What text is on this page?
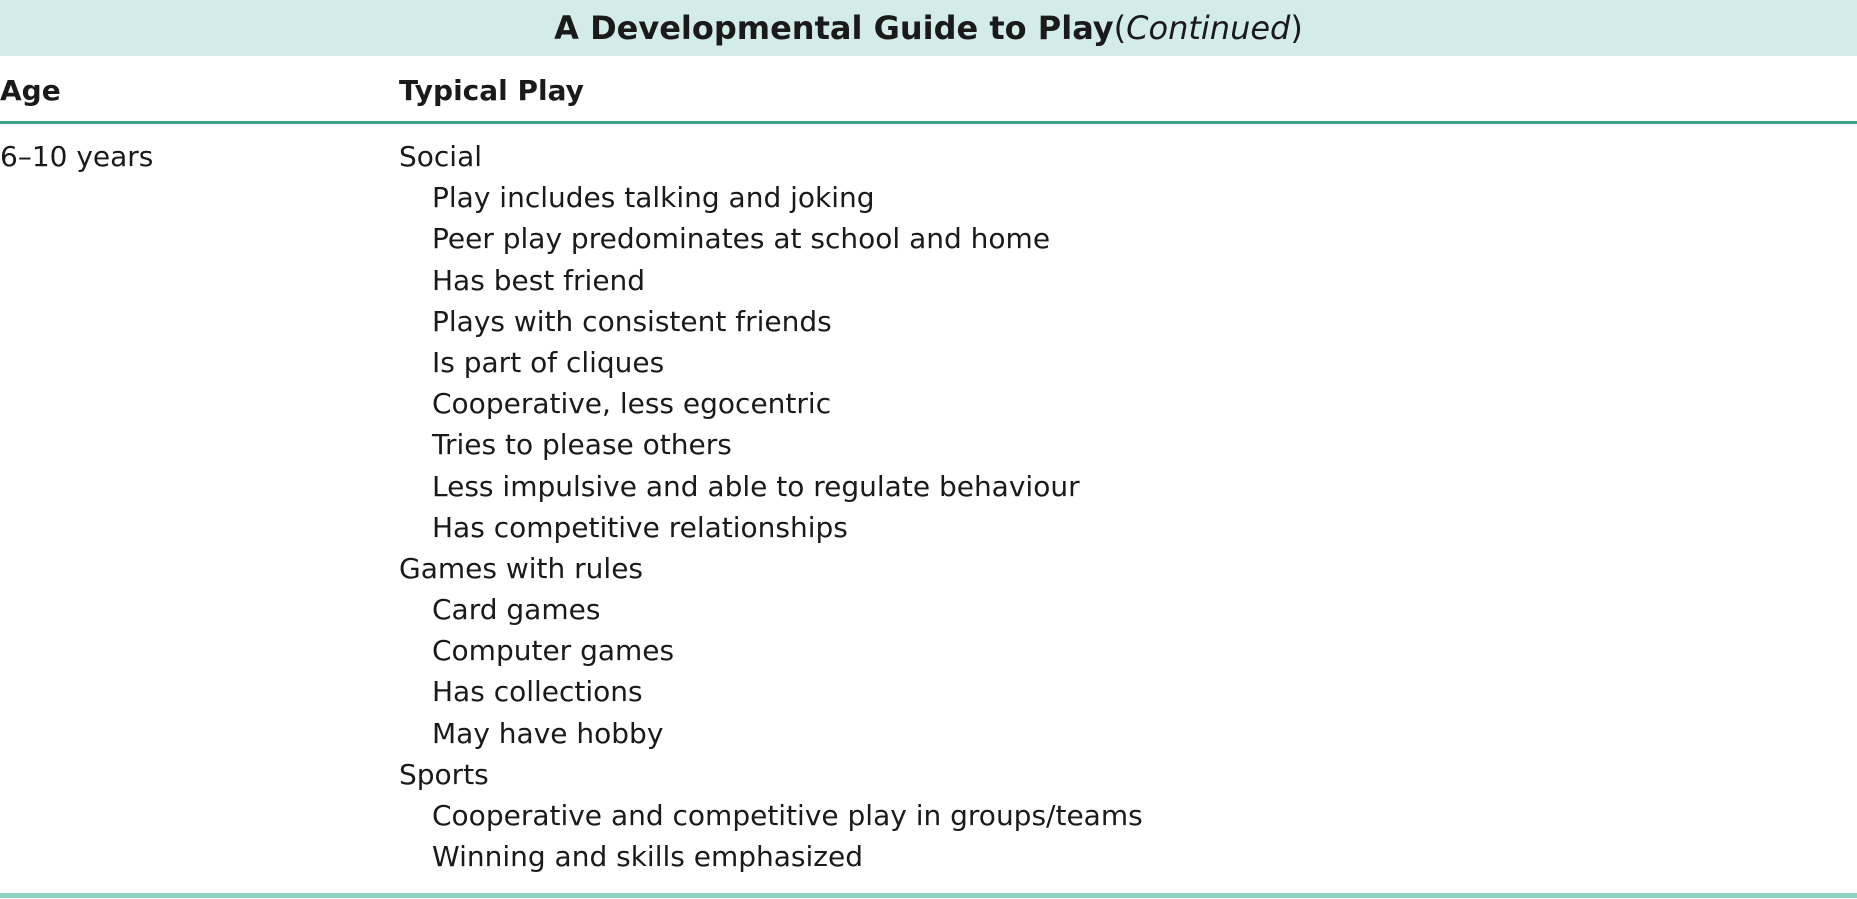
A Developmental Guide to Play ( Continued )
Age	Typical Play
6–10 years	Social
Play includes talking and joking
Peer play predominates at school and home
Has best friend
Plays with consistent friends
Is part of cliques
Cooperative, less egocentric
Tries to please others
Less impulsive and able to regulate behaviour
Has competitive relationships
Games with rules
Card games
Computer games
Has collections
May have hobby
Sports
Cooperative and competitive play in groups/teams
Winning and skills emphasized
